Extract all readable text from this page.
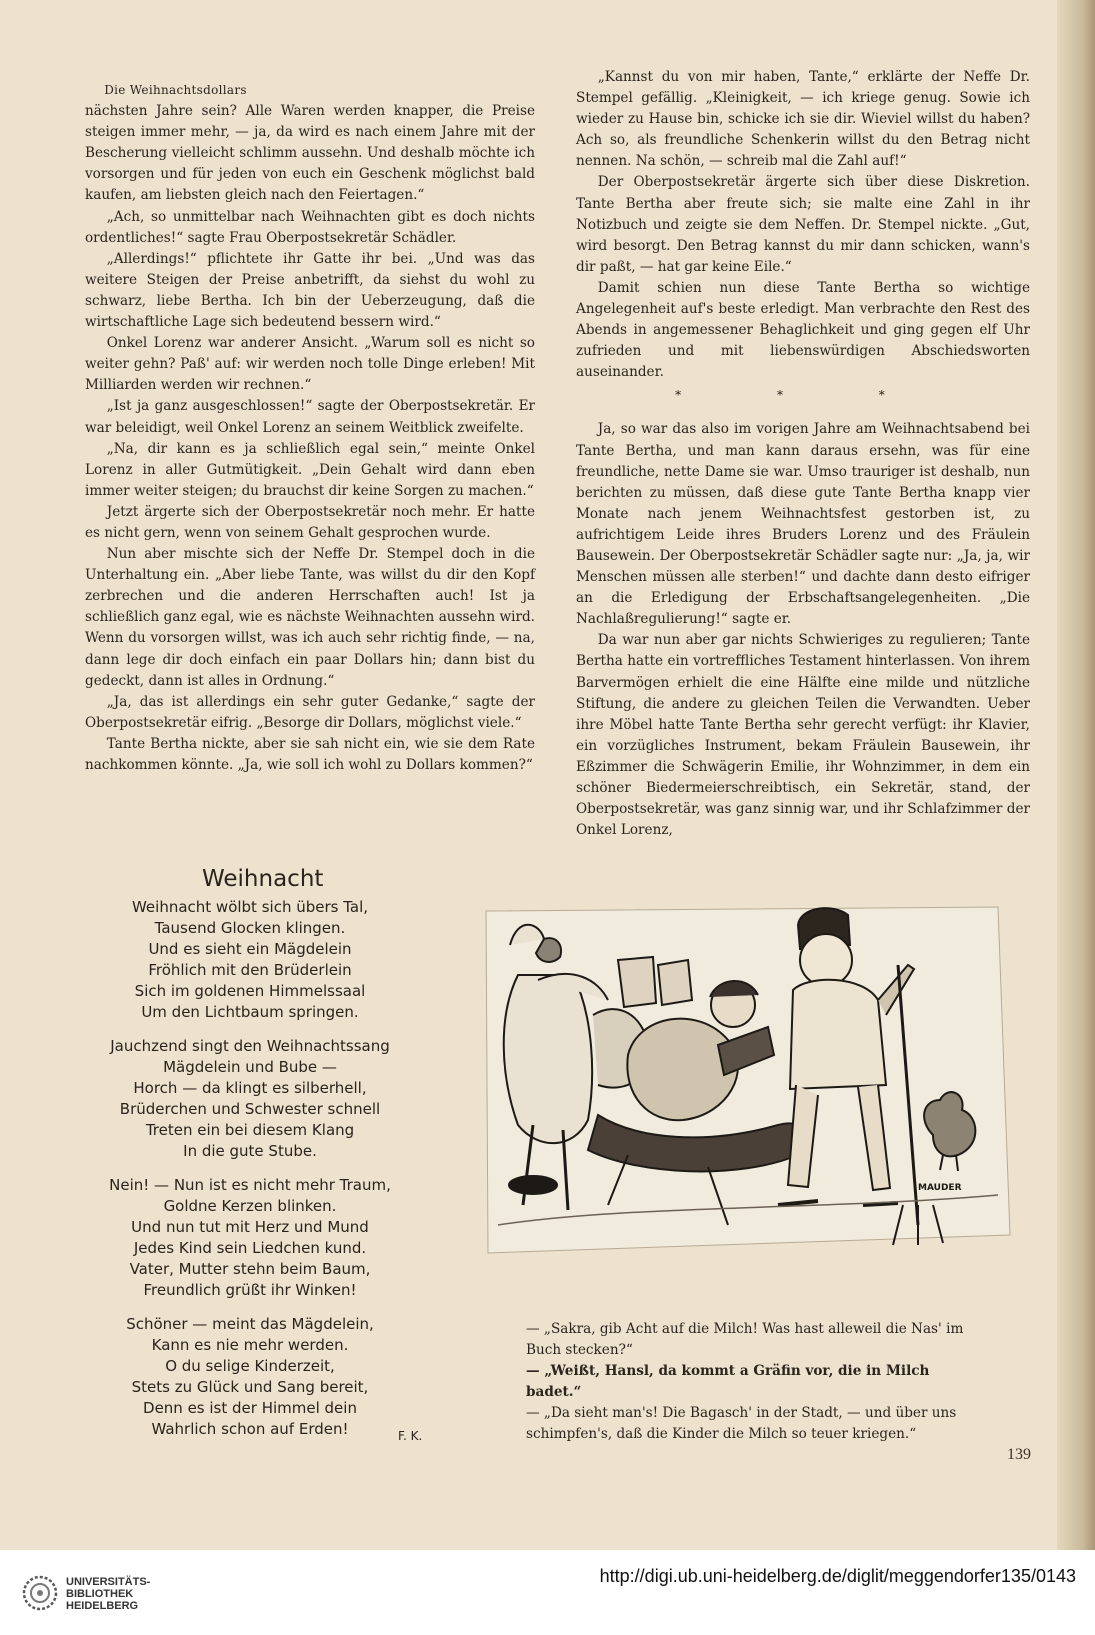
Die Weihnachtsdollars

nächsten Jahre sein? Alle Waren werden knapper, die Preise steigen immer mehr, — ja, da wird es nach einem Jahre mit der Bescherung vielleicht schlimm aussehn. Und deshalb möchte ich vorsorgen und für jeden von euch ein Geschenk möglichst bald kaufen, am liebsten gleich nach den Feiertagen.“

„Ach, so unmittelbar nach Weihnachten gibt es doch nichts ordentliches!“ sagte Frau Oberpostsekretär Schädler.

„Allerdings!“ pflichtete ihr Gatte ihr bei. „Und was das weitere Steigen der Preise anbetrifft, da siehst du wohl zu schwarz, liebe Bertha. Ich bin der Ueberzeugung, daß die wirtschaftliche Lage sich bedeutend bessern wird.“

Onkel Lorenz war anderer Ansicht. „Warum soll es nicht so weiter gehn? Paß' auf: wir werden noch tolle Dinge erleben! Mit Milliarden werden wir rechnen.“

„Ist ja ganz ausgeschlossen!“ sagte der Oberpostsekretär. Er war beleidigt, weil Onkel Lorenz an seinem Weitblick zweifelte.

„Na, dir kann es ja schließlich egal sein,“ meinte Onkel Lorenz in aller Gutmütigkeit. „Dein Gehalt wird dann eben immer weiter steigen; du brauchst dir keine Sorgen zu machen.“

Jetzt ärgerte sich der Oberpostsekretär noch mehr. Er hatte es nicht gern, wenn von seinem Gehalt gesprochen wurde.

Nun aber mischte sich der Neffe Dr. Stempel doch in die Unterhaltung ein. „Aber liebe Tante, was willst du dir den Kopf zerbrechen und die anderen Herrschaften auch! Ist ja schließlich ganz egal, wie es nächste Weihnachten aussehn wird. Wenn du vorsorgen willst, was ich auch sehr richtig finde, — na, dann lege dir doch einfach ein paar Dollars hin; dann bist du gedeckt, dann ist alles in Ordnung.“

„Ja, das ist allerdings ein sehr guter Gedanke,“ sagte der Oberpostsekretär eifrig. „Besorge dir Dollars, möglichst viele.“

Tante Bertha nickte, aber sie sah nicht ein, wie sie dem Rate nachkommen könnte. „Ja, wie soll ich wohl zu Dollars kommen?“

„Kannst du von mir haben, Tante,“ erklärte der Neffe Dr. Stempel gefällig. „Kleinigkeit, — ich kriege genug. Sowie ich wieder zu Hause bin, schicke ich sie dir. Wieviel willst du haben? Ach so, als freundliche Schenkerin willst du den Betrag nicht nennen. Na schön, — schreib mal die Zahl auf!“

Der Oberpostsekretär ärgerte sich über diese Diskretion. Tante Bertha aber freute sich; sie malte eine Zahl in ihr Notizbuch und zeigte sie dem Neffen. Dr. Stempel nickte. „Gut, wird besorgt. Den Betrag kannst du mir dann schicken, wann's dir paßt, — hat gar keine Eile.“

Damit schien nun diese Tante Bertha so wichtige Angelegenheit auf's beste erledigt. Man verbrachte den Rest des Abends in angemessener Behaglichkeit und ging gegen elf Uhr zufrieden und mit liebenswürdigen Abschiedsworten auseinander.

* * *

Ja, so war das also im vorigen Jahre am Weihnachtsabend bei Tante Bertha, und man kann daraus ersehn, was für eine freundliche, nette Dame sie war. Umso trauriger ist deshalb, nun berichten zu müssen, daß diese gute Tante Bertha knapp vier Monate nach jenem Weihnachtsfest gestorben ist, zu aufrichtigem Leide ihres Bruders Lorenz und des Fräulein Bausewein. Der Oberpostsekretär Schädler sagte nur: „Ja, ja, wir Menschen müssen alle sterben!“ und dachte dann desto eifriger an die Erledigung der Erbschaftsangelegenheiten. „Die Nachlaßregulierung!“ sagte er.

Da war nun aber gar nichts Schwieriges zu regulieren; Tante Bertha hatte ein vortreffliches Testament hinterlassen. Von ihrem Barvermögen erhielt die eine Hälfte eine milde und nützliche Stiftung, die andere zu gleichen Teilen die Verwandten. Ueber ihre Möbel hatte Tante Bertha sehr gerecht verfügt: ihr Klavier, ein vorzügliches Instrument, bekam Fräulein Bausewein, ihr Eßzimmer die Schwägerin Emilie, ihr Wohnzimmer, in dem ein schöner Biedermeierschreibtisch, ein Sekretär, stand, der Oberpostsekretär, was ganz sinnig war, und ihr Schlafzimmer der Onkel Lorenz,

Weihnacht
Weihnacht wölbt sich übers Tal,
Tausend Glocken klingen.
Und es sieht ein Mägdelein
Fröhlich mit den Brüderlein
Sich im goldenen Himmelssaal
Um den Lichtbaum springen.
Jauchzend singt den Weihnachtssang
Mägdelein und Bube —
Horch — da klingt es silberhell,
Brüderchen und Schwester schnell
Treten ein bei diesem Klang
In die gute Stube.
Nein! — Nun ist es nicht mehr Traum,
Goldne Kerzen blinken.
Und nun tut mit Herz und Mund
Jedes Kind sein Liedchen kund.
Vater, Mutter stehn beim Baum,
Freundlich grüßt ihr Winken!
Schöner — meint das Mägdelein,
Kann es nie mehr werden.
O du selige Kinderzeit,
Stets zu Glück und Sang bereit,
Denn es ist der Himmel dein
Wahrlich schon auf Erden!	F. K.
MAUDER

— „Sakra, gib Acht auf die Milch! Was hast alleweil die Nas' im Buch stecken?“

— „Weißt, Hansl, da kommt a Gräfin vor, die in Milch badet.“

— „Da sieht man's! Die Bagasch' in der Stadt, — und über uns schimpfen's, daß die Kinder die Milch so teuer kriegen.“

139
UNIVERSITÄTS-
BIBLIOTHEK
HEIDELBERG
http://digi.ub.uni-heidelberg.de/diglit/meggendorfer135/0143
